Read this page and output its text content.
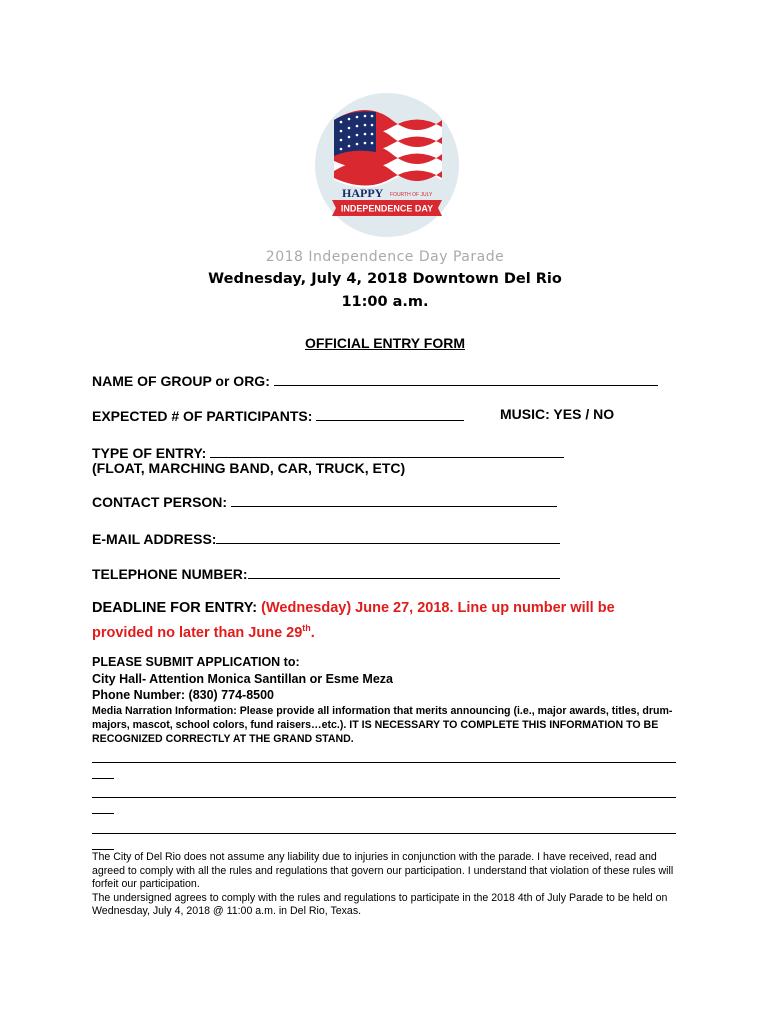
HAPPY FOURTH OF JULY
INDEPENDENCE DAY

2018 Independence Day Parade

Wednesday, July 4, 2018 Downtown Del Rio

11:00 a.m.

OFFICIAL ENTRY FORM

NAME OF GROUP or ORG:
EXPECTED # OF PARTICIPANTS:	MUSIC: YES / NO
TYPE OF ENTRY:
(FLOAT, MARCHING BAND, CAR, TRUCK, ETC)
CONTACT PERSON:
E-MAIL ADDRESS:
TELEPHONE NUMBER:
DEADLINE FOR ENTRY: (Wednesday) June 27, 2018. Line up number will be
provided no later than June 29th.
PLEASE SUBMIT APPLICATION to:
City Hall- Attention Monica Santillan or Esme Meza
Phone Number: (830) 774-8500

Media Narration Information: Please provide all information that merits announcing (i.e., major awards, titles, drum-majors, mascot, school colors, fund raisers…etc.). IT IS NECESSARY TO COMPLETE THIS INFORMATION TO BE RECOGNIZED CORRECTLY AT THE GRAND STAND.

The City of Del Rio does not assume any liability due to injuries in conjunction with the parade. I have received, read and agreed to comply with all the rules and regulations that govern our participation. I understand that violation of these rules will forfeit our participation.
The undersigned agrees to comply with the rules and regulations to participate in the 2018 4th of July Parade to be held on Wednesday, July 4, 2018 @ 11:00 a.m. in Del Rio, Texas.
